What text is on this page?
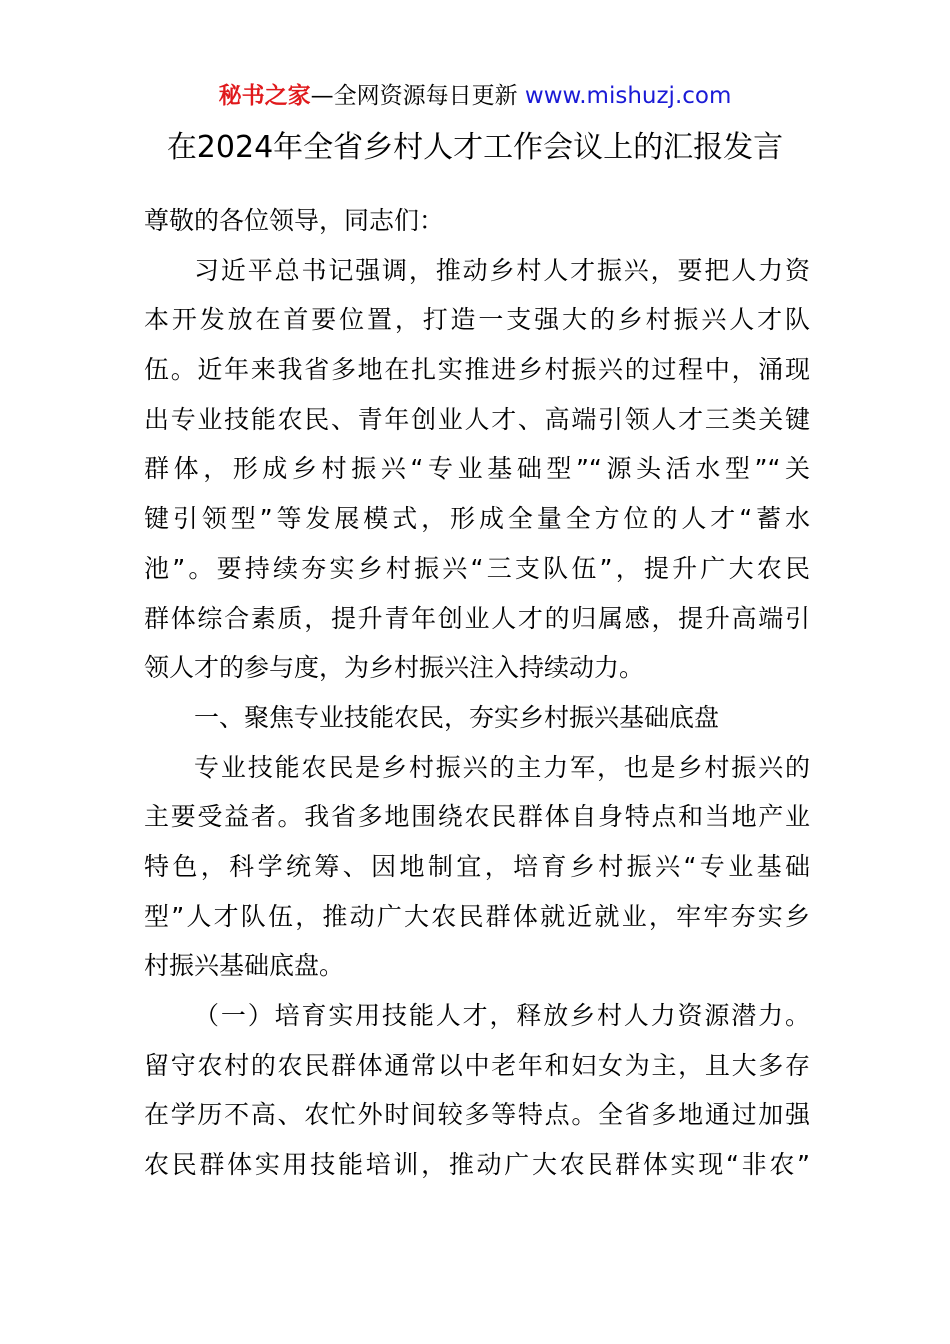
秘书之家—全网资源每日更新 www.mishuzj.com
在2024年全省乡村人才工作会议上的汇报发言
尊敬的各位领导，同志们：
习近平总书记强调，推动乡村人才振兴，要把人力资
本开发放在首要位置，打造一支强大的乡村振兴人才队
伍。近年来我省多地在扎实推进乡村振兴的过程中，涌现
出专业技能农民、青年创业人才、高端引领人才三类关键
群体，形成乡村振兴“专业基础型”“源头活水型”“关
键引领型”等发展模式，形成全量全方位的人才“蓄水
池”。要持续夯实乡村振兴“三支队伍”，提升广大农民
群体综合素质，提升青年创业人才的归属感，提升高端引
领人才的参与度，为乡村振兴注入持续动力。
一、聚焦专业技能农民，夯实乡村振兴基础底盘
专业技能农民是乡村振兴的主力军，也是乡村振兴的
主要受益者。我省多地围绕农民群体自身特点和当地产业
特色，科学统筹、因地制宜，培育乡村振兴“专业基础
型”人才队伍，推动广大农民群体就近就业，牢牢夯实乡
村振兴基础底盘。
（一）培育实用技能人才，释放乡村人力资源潜力。
留守农村的农民群体通常以中老年和妇女为主，且大多存
在学历不高、农忙外时间较多等特点。全省多地通过加强
农民群体实用技能培训，推动广大农民群体实现“非农”
